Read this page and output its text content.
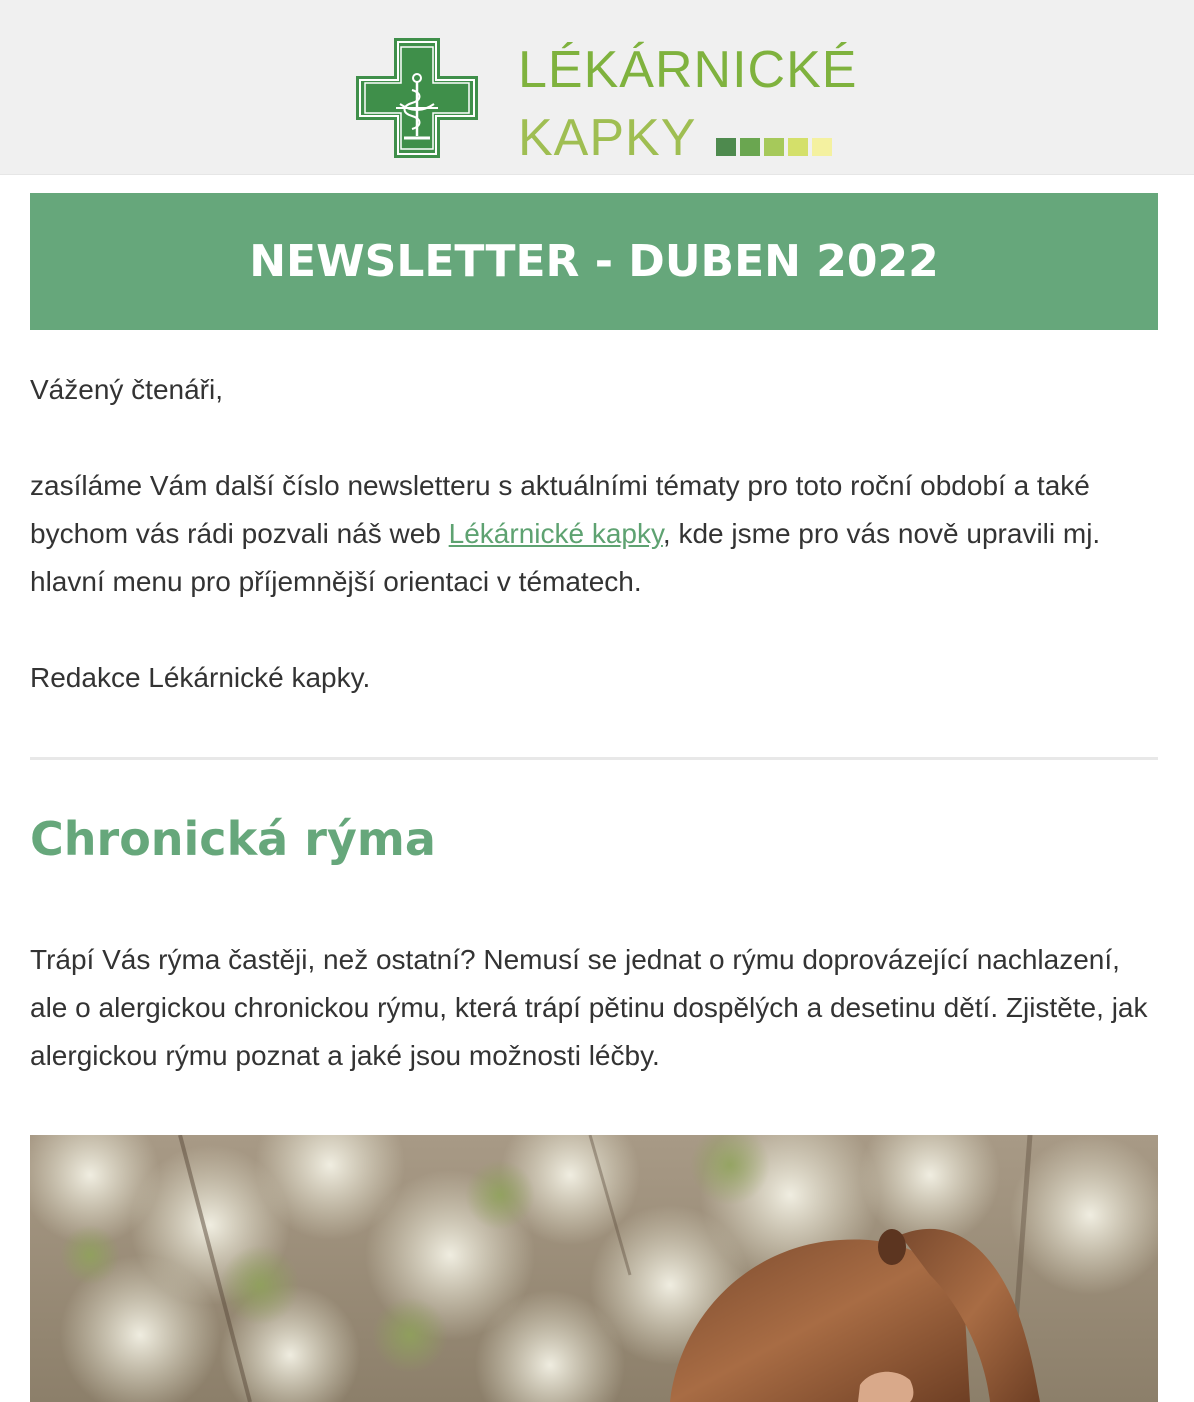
LÉKÁRNICKÉ
KAPKY
NEWSLETTER - DUBEN 2022

Vážený čtenáři,

zasíláme Vám další číslo newsletteru s aktuálními tématy pro toto roční období a také bychom vás rádi pozvali náš web Lékárnické kapky, kde jsme pro vás nově upravili mj. hlavní menu pro příjemnější orientaci v tématech.

Redakce Lékárnické kapky.

Chronická rýma

Trápí Vás rýma častěji, než ostatní? Nemusí se jednat o rýmu doprovázející nachlazení, ale o alergickou chronickou rýmu, která trápí pětinu dospělých a desetinu dětí. Zjistěte, jak alergickou rýmu poznat a jaké jsou možnosti léčby.
